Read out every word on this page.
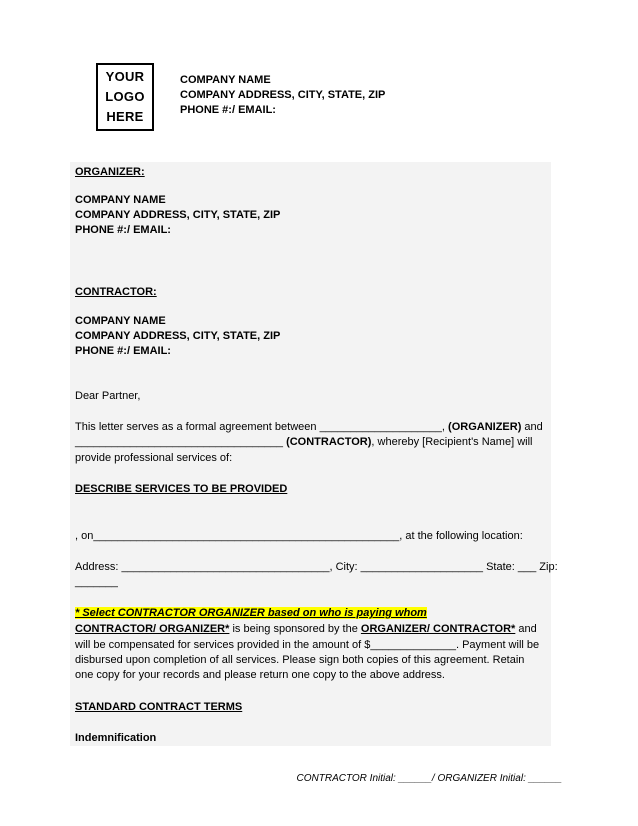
YOUR
LOGO
HERE
COMPANY NAME
COMPANY ADDRESS, CITY, STATE, ZIP
PHONE #:/ EMAIL:
ORGANIZER:
COMPANY NAME
COMPANY ADDRESS, CITY, STATE, ZIP
PHONE #:/ EMAIL:
CONTRACTOR:
COMPANY NAME
COMPANY ADDRESS, CITY, STATE, ZIP
PHONE #:/ EMAIL:
Dear Partner,
This letter serves as a formal agreement between ____________________, (ORGANIZER) and
__________________________________ (CONTRACTOR), whereby [Recipient's Name] will
provide professional services of:
DESCRIBE SERVICES TO BE PROVIDED
, on__________________________________________________, at the following location:
Address: __________________________________, City: ____________________ State: ___ Zip:
_______
* Select CONTRACTOR ORGANIZER based on who is paying whom
CONTRACTOR/ ORGANIZER* is being sponsored by the ORGANIZER/ CONTRACTOR* and
will be compensated for services provided in the amount of $______________. Payment will be
disbursed upon completion of all services. Please sign both copies of this agreement. Retain
one copy for your records and please return one copy to the above address.
STANDARD CONTRACT TERMS
Indemnification
CONTRACTOR Initial: ______/ ORGANIZER Initial: ______
